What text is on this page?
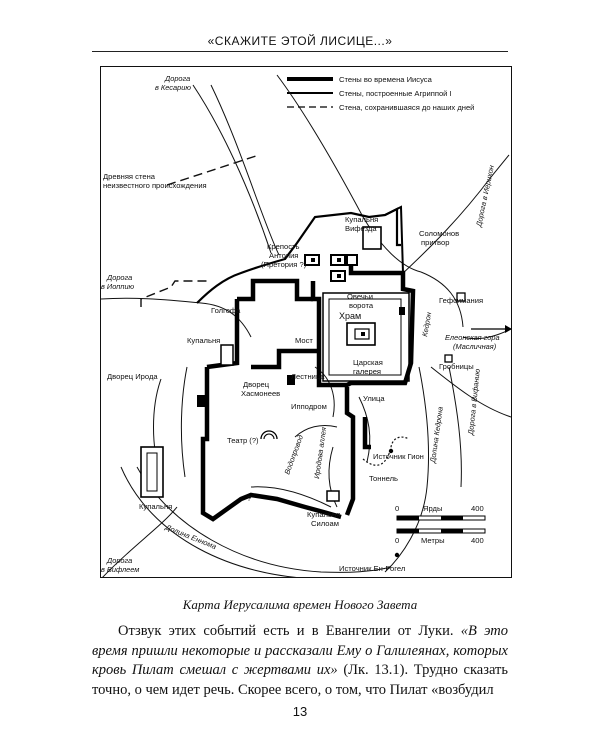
«СКАЖИТЕ ЭТОЙ ЛИСИЦЕ...»
Стены во времена Иисуса
Стены, построенные Агриппой I
Стена, сохранившаяся до наших дней
Дорога
в Кесарию
Древняя стена
неизвестного происхождения	Дорога в Иерихон
Купальня
Вифезда
Крепость
Антония
(Претория ?)
Соломонов
притвор
Дорога
в Иоппию
Голгофа
Овечьи
ворота
Храм
Гефсимания
Елеонская гора
(Масличная)
Кедрон
Купальня	Мост
Царская
галерея
Гробницы
Лестница
Дворец Ирода
Дворец
Хасмонеев
Ипподром
Улица	Дорога в Вифанию
Долина Кедрона
Театр (?)	Водопровод Иродова аллея	Источник Гион
Тоннель
Купальня
?
Купальня
Силоам
Долина Еннома
Дорога
в Вифлеем	Источник Ен-Рогел
0	Ярды	400
0	Метры	400
Карта Иерусалима времен Нового Завета
Отзвук этих событий есть и в Евангелии от Луки. «В это время пришли некоторые и рассказали Ему о Галилеянах, которых кровь Пилат смешал с жертвами их» (Лк. 13.1). Трудно сказать точно, о чем идет речь. Скорее всего, о том, что Пилат «возбудил
13
